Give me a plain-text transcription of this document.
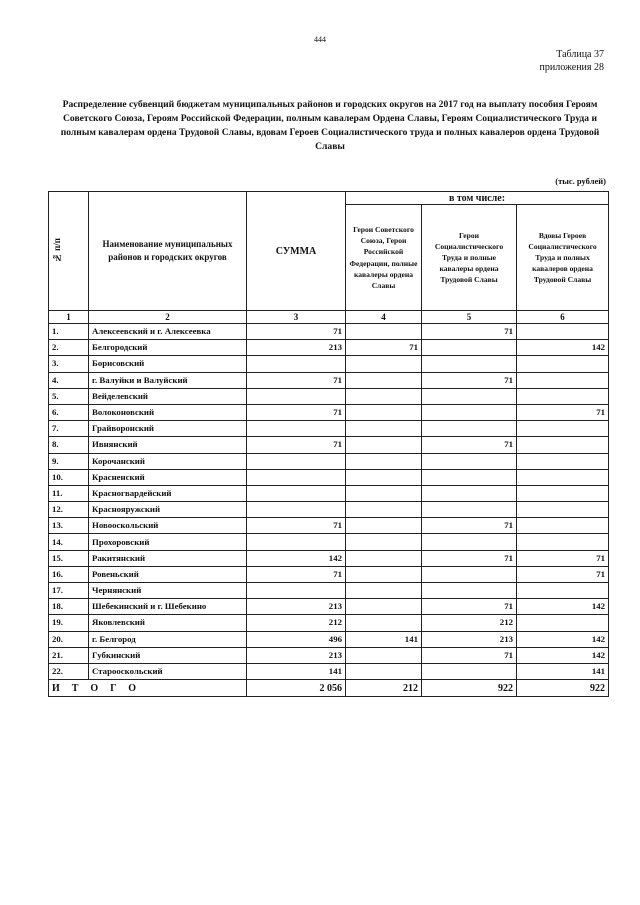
444
Таблица 37
приложения 28
Распределение субвенций бюджетам муниципальных районов и городских округов на 2017 год на выплату пособия Героям Советского Союза, Героям Российской Федерации, полным кавалерам Ордена Славы, Героям Социалистического Труда и полным кавалерам ордена Трудовой Славы, вдовам Героев Социалистического труда и полных кавалеров ордена Трудовой Славы
(тыс. рублей)
№ п/п	Наименование муниципальных районов и городских округов	СУММА	в том числе:		
			Герои Советского Союза, Герои Российской Федерации, полные кавалеры ордена Славы	Герои Социалистического Труда и полные кавалеры ордена Трудовой Славы	Вдовы Героев Социалистического Труда и полных кавалеров ордена Трудовой Славы
1	2	3	4	5	6
1.	Алексеевский и г. Алексеевка	71		71	
2.	Белгородский	213	71		142
3.	Борисовский				
4.	г. Валуйки и Валуйский	71		71	
5.	Вейделевский				
6.	Волоконовский	71			71
7.	Грайворонский				
8.	Ивнянский	71		71	
9.	Корочанский				
10.	Красненский				
11.	Красногвардейский				
12.	Краснояружский				
13.	Новооскольский	71		71	
14.	Прохоровский				
15.	Ракитянский	142		71	71
16.	Ровеньский	71			71
17.	Чернянский				
18.	Шебекинский и г. Шебекино	213		71	142
19.	Яковлевский	212		212	
20.	г. Белгород	496	141	213	142
21.	Губкинский	213		71	142
22.	Старооскольский	141			141
ИТОГО		2 056	212	922	922
